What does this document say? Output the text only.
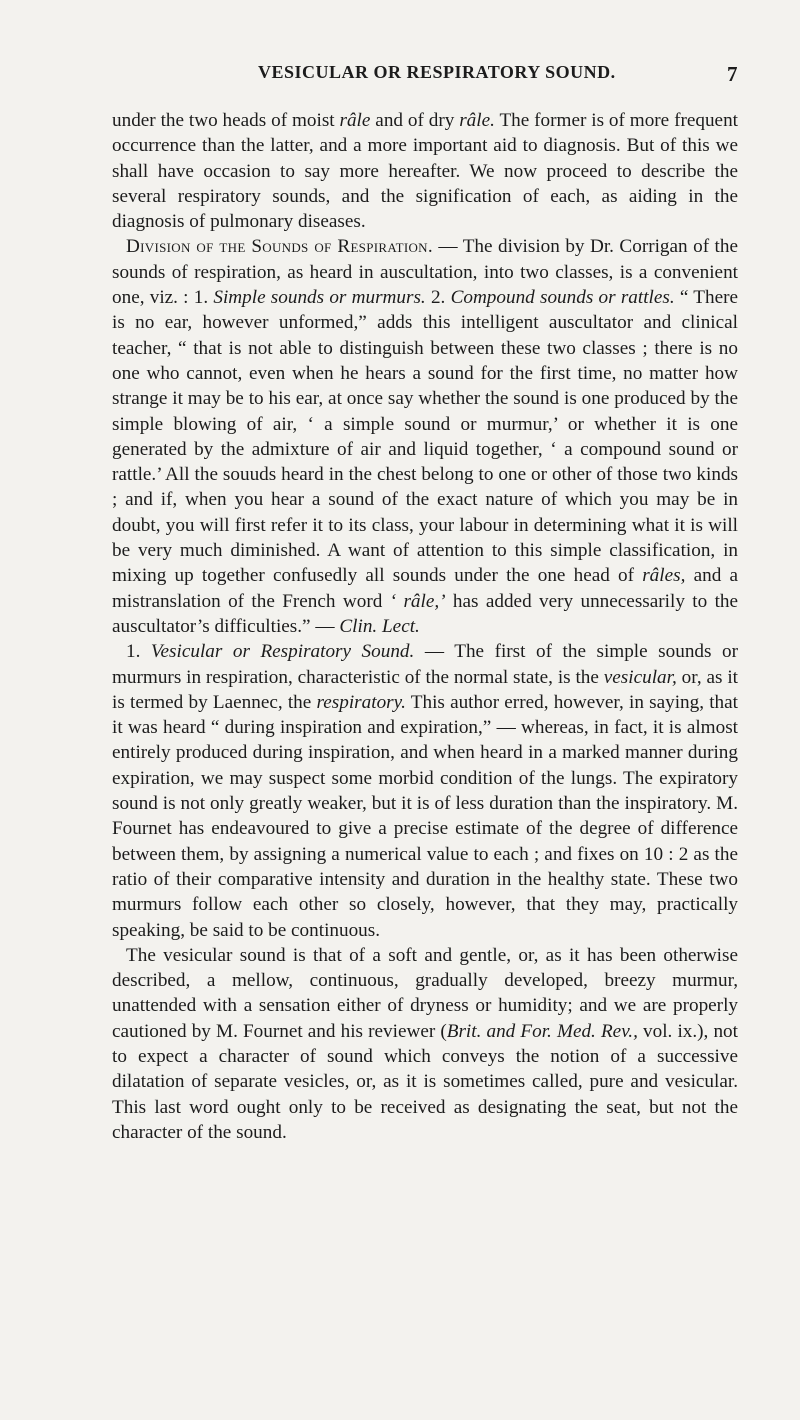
VESICULAR OR RESPIRATORY SOUND.	7

under the two heads of moist râle and of dry râle. The former is of more frequent occurrence than the latter, and a more important aid to diagnosis. But of this we shall have occasion to say more hereafter. We now proceed to describe the several respiratory sounds, and the signification of each, as aiding in the diagnosis of pulmonary diseases.

Division of the Sounds of Respiration. — The division by Dr. Corrigan of the sounds of respiration, as heard in auscultation, into two classes, is a convenient one, viz. : 1. Simple sounds or murmurs. 2. Compound sounds or rattles. “ There is no ear, however unformed,” adds this intelligent auscultator and clinical teacher, “ that is not able to distinguish between these two classes ; there is no one who cannot, even when he hears a sound for the first time, no matter how strange it may be to his ear, at once say whether the sound is one produced by the simple blowing of air, ‘ a simple sound or murmur,’ or whether it is one generated by the admixture of air and liquid together, ‘ a compound sound or rattle.’ All the souuds heard in the chest belong to one or other of those two kinds ; and if, when you hear a sound of the exact nature of which you may be in doubt, you will first refer it to its class, your labour in determining what it is will be very much diminished. A want of attention to this simple classification, in mixing up together confusedly all sounds under the one head of râles, and a mistranslation of the French word ‘ râle,’ has added very unnecessarily to the auscultator’s difficulties.” — Clin. Lect.

1. Vesicular or Respiratory Sound. — The first of the simple sounds or murmurs in respiration, characteristic of the normal state, is the vesicular, or, as it is termed by Laennec, the respiratory. This author erred, however, in saying, that it was heard “ during inspiration and expiration,” — whereas, in fact, it is almost entirely produced during inspiration, and when heard in a marked manner during expiration, we may suspect some morbid condition of the lungs. The expiratory sound is not only greatly weaker, but it is of less duration than the inspiratory. M. Fournet has endeavoured to give a precise estimate of the degree of difference between them, by assigning a numerical value to each ; and fixes on 10 : 2 as the ratio of their comparative intensity and duration in the healthy state. These two murmurs follow each other so closely, however, that they may, practically speaking, be said to be continuous.

The vesicular sound is that of a soft and gentle, or, as it has been otherwise described, a mellow, continuous, gradually developed, breezy murmur, unattended with a sensation either of dryness or humidity; and we are properly cautioned by M. Fournet and his reviewer (Brit. and For. Med. Rev., vol. ix.), not to expect a character of sound which conveys the notion of a successive dilatation of separate vesicles, or, as it is sometimes called, pure and vesicular. This last word ought only to be received as designating the seat, but not the character of the sound.
